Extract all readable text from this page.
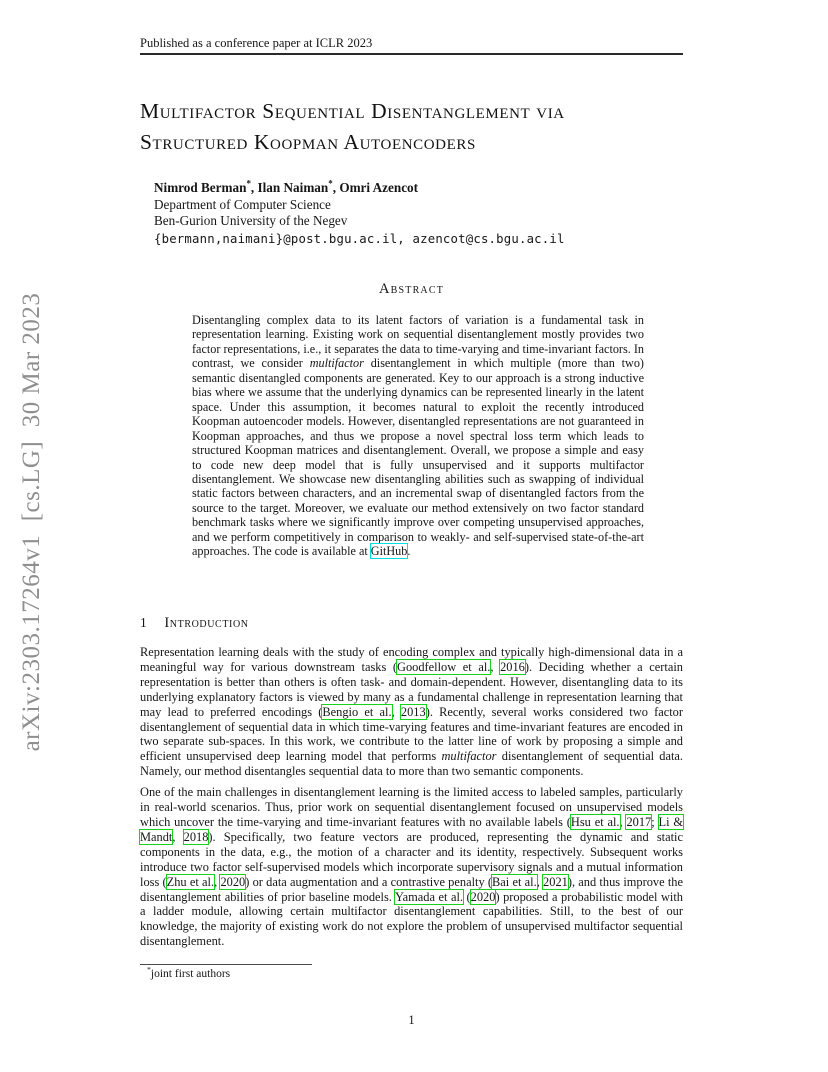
arXiv:2303.17264v1  [cs.LG]  30 Mar 2023
Published as a conference paper at ICLR 2023
Multifactor Sequential Disentanglement via
Structured Koopman Autoencoders
Nimrod Berman*, Ilan Naiman*, Omri Azencot
Department of Computer Science
Ben-Gurion University of the Negev
{bermann,naimani}@post.bgu.ac.il, azencot@cs.bgu.ac.il
Abstract
Disentangling complex data to its latent factors of variation is a fundamental task in representation learning. Existing work on sequential disentanglement mostly provides two factor representations, i.e., it separates the data to time-varying and time-invariant factors. In contrast, we consider multifactor disentanglement in which multiple (more than two) semantic disentangled components are generated. Key to our approach is a strong inductive bias where we assume that the underlying dynamics can be represented linearly in the latent space. Under this assumption, it becomes natural to exploit the recently introduced Koopman autoencoder models. However, disentangled representations are not guaranteed in Koopman approaches, and thus we propose a novel spectral loss term which leads to structured Koopman matrices and disentanglement. Overall, we propose a simple and easy to code new deep model that is fully unsupervised and it supports multifactor disentanglement. We showcase new disentangling abilities such as swapping of individual static factors between characters, and an incremental swap of disentangled factors from the source to the target. Moreover, we evaluate our method extensively on two factor standard benchmark tasks where we significantly improve over competing unsupervised approaches, and we perform competitively in comparison to weakly- and self-supervised state-of-the-art approaches. The code is available at GitHub.
1 Introduction

Representation learning deals with the study of encoding complex and typically high-dimensional data in a meaningful way for various downstream tasks (Goodfellow et al., 2016). Deciding whether a certain representation is better than others is often task- and domain-dependent. However, disentangling data to its underlying explanatory factors is viewed by many as a fundamental challenge in representation learning that may lead to preferred encodings (Bengio et al., 2013). Recently, several works considered two factor disentanglement of sequential data in which time-varying features and time-invariant features are encoded in two separate sub-spaces. In this work, we contribute to the latter line of work by proposing a simple and efficient unsupervised deep learning model that performs multifactor disentanglement of sequential data. Namely, our method disentangles sequential data to more than two semantic components.

One of the main challenges in disentanglement learning is the limited access to labeled samples, particularly in real-world scenarios. Thus, prior work on sequential disentanglement focused on unsupervised models which uncover the time-varying and time-invariant features with no available labels (Hsu et al., 2017; Li & Mandt, 2018). Specifically, two feature vectors are produced, representing the dynamic and static components in the data, e.g., the motion of a character and its identity, respectively. Subsequent works introduce two factor self-supervised models which incorporate supervisory signals and a mutual information loss (Zhu et al., 2020) or data augmentation and a contrastive penalty (Bai et al., 2021), and thus improve the disentanglement abilities of prior baseline models. Yamada et al. (2020) proposed a probabilistic model with a ladder module, allowing certain multifactor disentanglement capabilities. Still, to the best of our knowledge, the majority of existing work do not explore the problem of unsupervised multifactor sequential disentanglement.

*joint first authors
1
